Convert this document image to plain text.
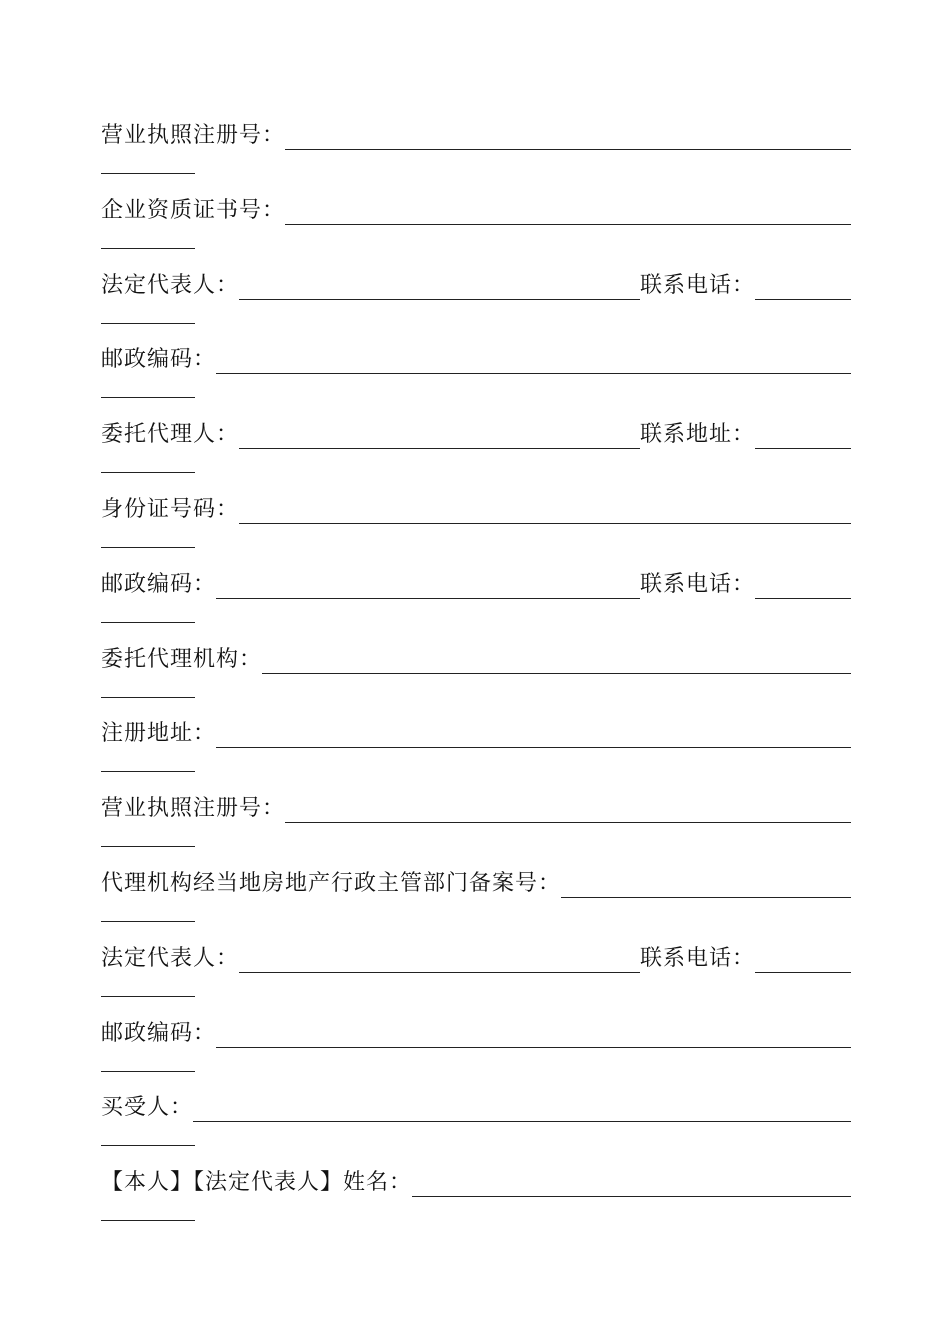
营业执照注册号：
企业资质证书号：
法定代表人：	联系电话：
邮政编码：
委托代理人：	联系地址：
身份证号码：
邮政编码：	联系电话：
委托代理机构：
注册地址：
营业执照注册号：
代理机构经当地房地产行政主管部门备案号：
法定代表人：	联系电话：
邮政编码：
买受人：
【本人】【法定代表人】姓名：
